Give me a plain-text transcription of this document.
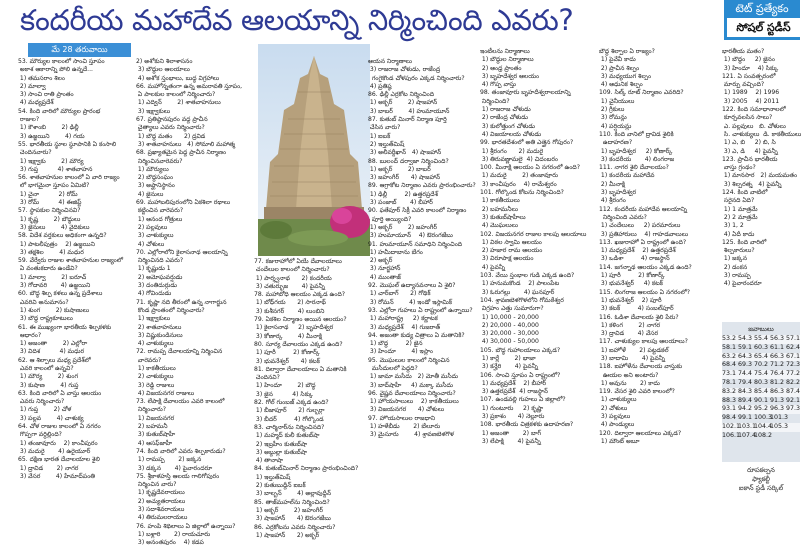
కందరీయ మహాదేవ ఆలయాన్ని నిర్మించింది ఎవరు?	టెట్ ప్రత్యేకం
సోషల్ స్టడీస్
మే 28 తరువాయి
53. మౌర్యుల కాలంలో సాంచి స్తూపం
అకాశ ఆకారాన్ని పోలి ఉన్నదే...
1) తమసరాం శిలం
2) మాల్వా
3) సాంచి రాతి ప్రాంతం
4) మధ్యప్రదేశ్
54. కింది వారిలో మౌర్యుల ప్రారంభ
రాజుల?
1) కౌశాంబి        2) ఢిల్లీ
3) ఉజ్జయిని        4) గయ
55. భారతీయ స్థూల స్థూపానికి ఏ కంసాలి
చెందినవారు?
1) ఇక్ష్వాకు        2) మౌర్య
3) గుప్త          4) శాతవాహన
56. శాతవాహనుల కాలంలో ఏ వారి రాజ్యం
లో భాగమైనా స్తూపం ఏమిటి?
1) చైనా          2) రోమ్
3) రోమ్          4) ఈజిప్ట్
57. స్థాపకుల నిర్మించినవి?
1) కృష్ణ        2) బౌద్ధులు
3) జైనులు        4) వైదికులు
58. విదేశ వర్తకులు అధికంగా ఉన్నది?
1) పాటలీపుత్రం    2) ఉజ్జయిని
3) తక్షశిల        4) మధుర
59. వేర్వేరు రాజుల శాతవాహనుల రాజ్యంలో
ఏ వంతుకదారు ఉండేవి?
1) మాల్వా        2) బరూచ్
3) గోదావరి       4) ఉజ్జయిని
60. బౌద్ధ శిల్ప కళలు ఉన్న ప్రదేశాలు
ఎవరివి అనుమానం?
1) శుంగ        2) కుషాణులు
3) బౌద్ధ రాష్ట్రకూటులు
61. ఈ ముఖ్యంగా భారతీయ శిల్పకళకు
ఆధారం?
1) అజంతా        2) ఎల్లోరా
3) విదిశ          4) మధుర
62. ఆ శిల్పాలు మధ్య ప్రదేశ్‌లో
ఎవరి కాలంలో ఉన్నవి?
1) మౌర్య        2) శుంగ
3) కుషాణ        4) గుప్త
63. కింది వారిలో ఏ వాస్తు ఆలయం
ఎవరు నిర్మించారు?
1) గుప్త        2) చోళ
3) పల్లవ        4) చాళుక్య
64. చోళ రాజుల కాలంలో ఏ నగరం
గొప్పగా వర్ధిల్లింది?
1) తంజావూరు    2) కాంచీపురం
3) మదురై       4) ఉరైయూర్
65. దక్షిణ భారత దేవాలయాల శైలి
1) ద్రావిడ       2) నాగర
3) వేసర        4) హేమాద్‌పంతి
2) అశోకుని శిలాశాసనం
3) బౌద్ధుల ఆలయాలు
4) అశోక స్తంభాలు, బుద్ధ విగ్రహాలు
66. మహోన్నతంగా ఉన్న అమరావతి స్తూపం,
ఏ పాలకుల కాలంలో నిర్మించారు?
1) ఎద్విన్        2) శాతవాహనులు
3) ఇక్ష్వాకులు
67. ప్రతిష్ఠానపురం వద్ద ప్రాచీన
చైత్యాలు ఎవరు నిర్మించారు?
1) బౌద్ధ మతం      2) ద్రవిడ
3) శాతవాహనులు   4) సోమాలి మహాత్మ
68. ప్రఖ్యాతమైన పెద్ద ప్రాచీన నిర్మాణం
నిర్మించినవారెవరు?
1) మౌర్యులు
2) బౌద్ధసంఘం
3) అఫ్ఘానిస్థానం
4) జైనులు
69. మహాబలిపురంలోని ఏకశిలా రథాలు
కట్టించిన వారెవరు?
1) ఆనంద గోత్రులు
2) పల్లవులు
3) చాళుక్యులు
4) చోళులు
70. ఎల్లోరాలోని కైలాసనాథ ఆలయాన్ని
నిర్మించినది ఎవరు?
1) కృష్ణుడు 1
2) అమోఘవర్షుడు
3) దంతిదుర్గుడు
4) గోవిందుడు
71. కృష్ణా నది తీరంలో ఉన్న నాగార్జున
కొండ ప్రాంతంలో నిర్మించారు?
1) ఇక్ష్వాకులు
2) శాతవాహనులు
3) విష్ణుకుండినులు
4) చాళుక్యులు
72. రామప్ప దేవాలయాన్ని నిర్మించిన
వారెవరు?
1) కాకతీయులు
2) చాళుక్యులు
3) రెడ్డి రాజులు
4) విజయనగర రాజులు
73. లేపాక్షి దేవాలయం ఎవరి కాలంలో
నిర్మించారు?
1) విజయనగర
2) బహమనీ
3) కుతుబ్‌షాహీ
4) ఆసఫ్‌జాహీ
74. కింది వారిలో ఎవరు శిల్పకారుడు?
1) రామప్ప       2) జక్కన
3) డక్కన       4) పైవారందరూ
75. శ్రీకాళహస్తి ఆలయ గాలిగోపురం
నిర్మించిన వారు?
1) కృష్ణదేవరాయలు
2) అచ్యుతరాయలు
3) సదాశివరాయలు
4) తిరుమలరాయలు
76. హంపి శిథిలాలు ఏ జిల్లాలో ఉన్నాయి?
1) బళ్లారి       2) రాయచూరు
3) అనంతపురం    4) కడప
77. కజురాహోలో ఏయే దేవాలయాలు
చందేలుల కాలంలో నిర్మించారు?
1) పార్శ్వనాథ      2) కందరీయ
3) చతుర్భుజ       4) పైవన్నీ
78. మహాబోధి ఆలయం ఎక్కడ ఉంది?
1) బోధ్‌గయ      2) సారనాథ్
3) కుశీనగర్       4) లుంబిని
79. ఏకశిల నిర్మాణం అయిన ఆలయం?
1) కైలాసనాథ     2) బృహదీశ్వర
3) కోణార్క        4) మీనాక్షి
80. సూర్య దేవాలయం ఎక్కడ ఉంది?
1) పూరీ         2) కోణార్క్
3) భువనేశ్వర్      4) కటక్
81. దిల్వారా దేవాలయాలు ఏ మతానికి
చెందినవి?
1) హిందూ        2) బౌద్ధ
3) జైన          4) సిక్కు
82. గోల్ గుంబజ్ ఎక్కడ ఉంది?
1) బీజాపూర్      2) గుల్బర్గా
3) బీదర్         4) గోల్కొండ
83. చార్మినార్‌ను నిర్మించినది?
1) మహ్మద్ కులీ కుతుబ్‌షా
2) ఇబ్రహీం కుతుబ్‌షా
3) అబ్దుల్లా కుతుబ్‌షా
4) తానాషా
84. కుతుబ్‌మినార్ నిర్మాణం ప్రారంభించింది?
1) ఇల్తుత్‌మిష్
2) కుతుబుద్దీన్ ఐబక్
3) బాల్బన్        4) అల్లావుద్దీన్
85. తాజ్‌మహల్‌ను నిర్మించింది?
1) అక్బర్        2) జహంగీర్
3) షాజహాన్      4) ఔరంగజేబు
86. ఎర్రకోటను ఎవరు నిర్మించారు?
1) షాజహాన్      2) అక్బర్
ఆయన నిర్మాణాలు
3) రాజరాజ చోళుడు, రాజేంద్ర
గంగైకొండ చోళపురం ఎక్కడ నిర్మించారు?
4) ప్రతిష్ఠ
86. ఢిల్లీ ఎర్రకోట నిర్మించింది
1) అక్బర్        2) షాజహాన్
3) బాబర్        4) హుమాయూన్
87. కుతుబ్ మినార్ నిర్మాణ పూర్తి
చేసిన వారు?
1) ఐబక్
2) ఇల్తుత్‌మిష్
3) అలీవర్దీఖాన్   4) షాజహాన్
88. బులంద్ దర్వాజా నిర్మించింది?
1) అక్బర్        2) బాబర్
3) జహంగీర్      4) షాజహాన్
89. ఆగ్రాకోట నిర్మాణం ఎవరు ప్రారంభించారు?
1) ఢిల్లీ         2) ఉత్తరప్రదేశ్
3) పంజాబ్       4) బీహార్
90. ఫతేపూర్ సిక్రీ ఎవరి కాలంలో నిర్మాణం
పూర్తి అయ్యింది?
1) అక్బర్        2) జహంగీర్
3) హుమాయూన్    4) ఔరంగజేబు
91. హుమాయూన్ సమాధిని నిర్మించింది
1) హమీదాబాను బేగం
2) అక్బర్
3) నూర్జహాన్
4) ముంతాజ్
92. మొఘల్ ఉద్యానవనాలు ఏ శైలి?
1) చార్‌బాగ్      2) గోథిక్
3) రోమన్        4) ఇండో ఇస్లామిక్
93. ఎల్లోరా గుహలు ఏ రాష్ట్రంలో ఉన్నాయి?
1) మహారాష్ట్ర     2) కర్ణాటక
3) మధ్యప్రదేశ్    4) గుజరాత్
94. అజంతా కుడ్య చిత్రాలు ఏ మతానికి?
1) బౌద్ధ         2) జైన
3) హిందూ        4) ఇస్లాం
95. మొఘలుల కాలంలో నిర్మించిన
మసీదులలో పెద్దది?
1) జామా మసీదు   2) మోతీ మసీదు
3) బాద్‌షాహీ     4) మక్కా మసీదు
96. వైష్ణవ దేవాలయాలు నిర్మించారు?
1) హొయసాలులు    2) కాకతీయులు
3) విజయనగర      4) చోళులు
97. హొయసాలుల రాజధాని
1) హళేబీడు       2) బేలూరు
3) మైసూరు        4) శ్రావణబెళగొళ
ఇంటీలను నిర్మాణాలు
1) బౌద్ధుల నిర్మాణాలు
2) ఆంధ్ర ప్రాంతం
3) బృహదేశ్వర ఆలయం
4) గొప్ప వాస్తు
98. తంజావూరు బృహదీశ్వరాలయాన్ని
నిర్మించింది?
1) రాజరాజ చోళుడు
2) రాజేంద్ర చోళుడు
3) కులోత్తుంగ చోళుడు
4) విజయాలయ చోళుడు
99. భారతదేశంలో అతి ఎత్తైన గోపురం?
1) శ్రీరంగం      2) మదురై
3) తిరువణ్ణామలై  4) చిదంబరం
100. మీనాక్షి ఆలయం ఏ నగరంలో ఉంది?
1) మదురై        2) తంజావూరు
3) కాంచీపురం    4) రామేశ్వరం
101. గోల్కొండ కోటను నిర్మించింది?
1) కాకతీయులు
2) బహమనీలు
3) కుతుబ్‌షాహీలు
4) మొఘలులు
102. విజయనగర రాజుల కాలపు ఆలయాలు
1) విఠల స్వామి ఆలయం
2) హజార రామ ఆలయం
3) విరూపాక్ష ఆలయం
4) పైవన్నీ
103. వేయి స్తంభాల గుడి ఎక్కడ ఉంది?
1) హనుమకొండ    2) పాలంపేట
3) ఓరుగల్లు       4) ఘనపూర్
104. శ్రావణబెళగొళలోని గోమఠేశ్వర
విగ్రహం ఎత్తు సుమారుగా?
1) 10,000 - 20,000
2) 20,000 - 40,000
3) 20,000 - 30,000
4) 30,000 - 50,000
105. బౌద్ధ గుహాలయాలు ఎక్కడ?
1) కార్లే        2) భాజా
3) కన్హేరి       4) పైవన్నీ
106. సాంచి స్తూపం ఏ రాష్ట్రంలో?
1) మధ్యప్రదేశ్    2) బీహార్
3) ఉత్తరప్రదేశ్  4) రాజస్థాన్
107. ఉండవల్లి గుహలు ఏ జిల్లాలో?
1) గుంటూరు     2) కృష్ణా
3) ప్రకాశం      4) నెల్లూరు
108. భారతీయ చిత్రకళకు ఉదాహరణ?
1) అజంతా       2) బాగ్
3) లేపాక్షి       4) పైవన్నీ
బౌద్ధ శిల్పాల ఏ రాజ్యం?
1) పైవేవీ కాదు
2) ప్రాచీన శిల్పం
3) మధ్యయుగ శిల్పం
4) ఆధునిక శిల్పం
109. సిల్క్ రూట్ నిర్మాణం ఎవరిది?
1) చైనీయులు
2) గ్రీకులు
3) రోమన్లు
4) పర్షియన్లు
110. కింది వానిలో ద్రావిడ శైలికి
ఉదాహరణ?
1) బృహదీశ్వర     2) కోణార్క్
3) కందరీయ       4) లింగరాజ
111. నాగర శైలి దేవాలయం?
1) కందరీయ మహాదేవ
2) మీనాక్షి
3) బృహదీశ్వర
4) శ్రీరంగం
112. కందరీయ మహాదేవ ఆలయాన్ని
నిర్మించింది ఎవరు?
1) చందేలులు     2) పరమారులు
3) ప్రతిహారులు    4) గాహడవాలులు
113. ఖజురాహో ఏ రాష్ట్రంలో ఉంది?
1) మధ్యప్రదేశ్    2) ఉత్తరప్రదేశ్
3) ఒడిశా         4) రాజస్థాన్
114. జగన్నాథ ఆలయం ఎక్కడ ఉంది?
1) పూరీ         2) కోణార్క్
3) భువనేశ్వర్     4) కటక్
115. లింగరాజ ఆలయం ఏ నగరంలో?
1) భువనేశ్వర్    2) పూరీ
3) కటక్         4) సంబల్‌పూర్
116. ఓడిశా దేవాలయ శైలి పేరు?
1) కళింగ        2) నాగర
3) ద్రావిడ       4) వేసర
117. చాళుక్యుల కాలపు ఆలయాలు?
1) ఐహోళే       2) పట్టడకల్
3) బాదామి       4) పైవన్నీ
118. ఐహోళేను దేవాలయ వాస్తుకు
ఊయల అని అంటారు?
1) అవును       2) కాదు
119. వేసర శైలి ఎవరి కాలంలో?
1) చాళుక్యులు
2) చోళులు
3) పల్లవులు
4) పాండ్యులు
120. దిల్వారా ఆలయాలు ఎక్కడ?
1) మౌంట్ అబూ
భారతీయ మతం?
1) బౌద్ధం     2) జైనం
3) హిందూ    4) సిక్కు
121. ఏ సంవత్సరంలో
మార్పు వచ్చింది?
1) 1989    2) 1996
3) 2005    4) 2011
122. కింది సమాధానాలలో
కూర్చవలసిన సాలు?
ఎ. పల్లవులు   బి. చోళులు
సి. చాళుక్యులు  డి. కాకతీయులు
1) ఎ, బి     2) బి, సి
3) ఎ, డి     4) పైవన్నీ
123. ప్రాచీన భారతీయ
వాస్తు గ్రంథం?
1) మానసార   2) మయమతం
3) శిల్పరత్న   4) పైవన్నీ
124. కింది వాటిలో
సరైనది ఏది?
1) 1 మాత్రమే
2) 2 మాత్రమే
3) 1, 2
4) ఏదీ కాదు
125. కింది వారిలో
శిల్పకారులు?
1) జక్కన
2) డంకన
3) రామప్ప
4) పైవారందరూ
జవాబులు
53.2 54.3 55.4 56.3 57.1
58.1 59.1 60.3 61.1 62.4
63.2 64.3 65.4 66.3 67.1
68.4 69.3 70.2 71.2 72.3
73.1 74.4 75.4 76.4 77.2
78.1 79.4 80.3 81.2 82.2
83.2 84.3 85.4 86.3 87.4
88.3 89.4 90.1 91.3 92.1
93.1 94.2 95.2 96.3 97.3
98.4 99.1 100.3101.3
102.1103.1104.4105.3
106.1107.4108.2
రూపకల్పన
ఫ్యాకల్టీ
ఐకాన్ స్టడీ సర్కిల్
